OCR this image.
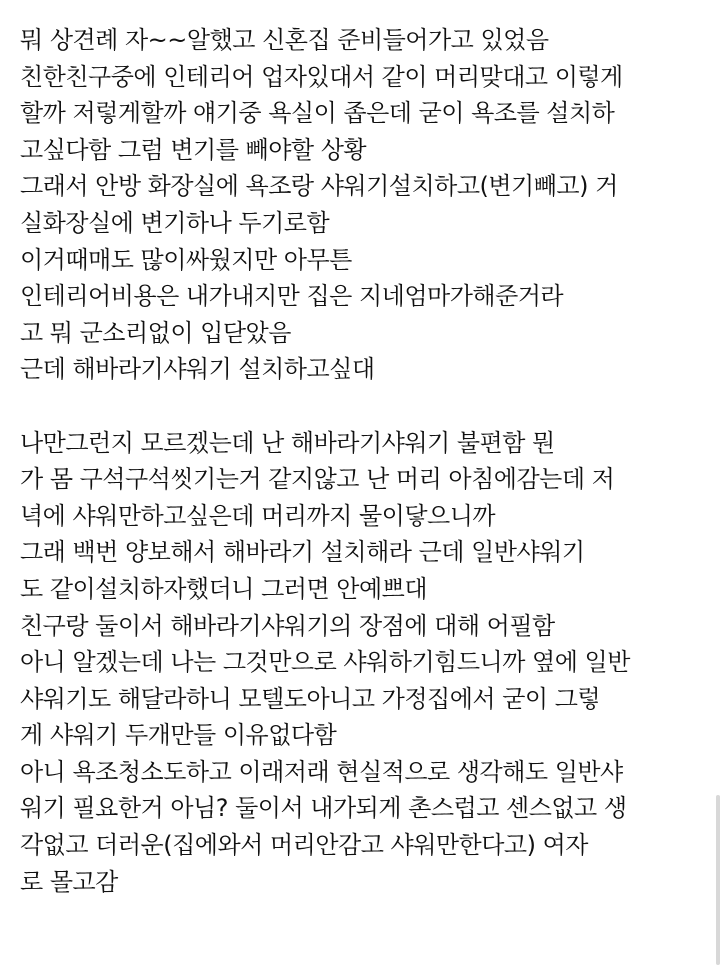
뭐 상견례 자~~알했고 신혼집 준비들어가고 있었음
친한친구중에 인테리어 업자있대서 같이 머리맞대고 이렇게
할까 저렇게할까 얘기중 욕실이 좁은데 굳이 욕조를 설치하
고싶다함 그럼 변기를 빼야할 상황
그래서 안방 화장실에 욕조랑 샤워기설치하고(변기빼고) 거
실화장실에 변기하나 두기로함
이거때매도 많이싸웠지만 아무튼
인테리어비용은 내가내지만 집은 지네엄마가해준거라
고 뭐 군소리없이 입닫았음
근데 해바라기샤워기 설치하고싶대
나만그런지 모르겠는데 난 해바라기샤워기 불편함 뭔
가 몸 구석구석씻기는거 같지않고 난 머리 아침에감는데 저
녁에 샤워만하고싶은데 머리까지 물이닿으니까
그래 백번 양보해서 해바라기 설치해라 근데 일반샤워기
도 같이설치하자했더니 그러면 안예쁘대
친구랑 둘이서 해바라기샤워기의 장점에 대해 어필함
아니 알겠는데 나는 그것만으로 샤워하기힘드니까 옆에 일반
샤워기도 해달라하니 모텔도아니고 가정집에서 굳이 그렇
게 샤워기 두개만들 이유없다함
아니 욕조청소도하고 이래저래 현실적으로 생각해도 일반샤
워기 필요한거 아님? 둘이서 내가되게 촌스럽고 센스없고 생
각없고 더러운(집에와서 머리안감고 샤워만한다고) 여자
로 몰고감
